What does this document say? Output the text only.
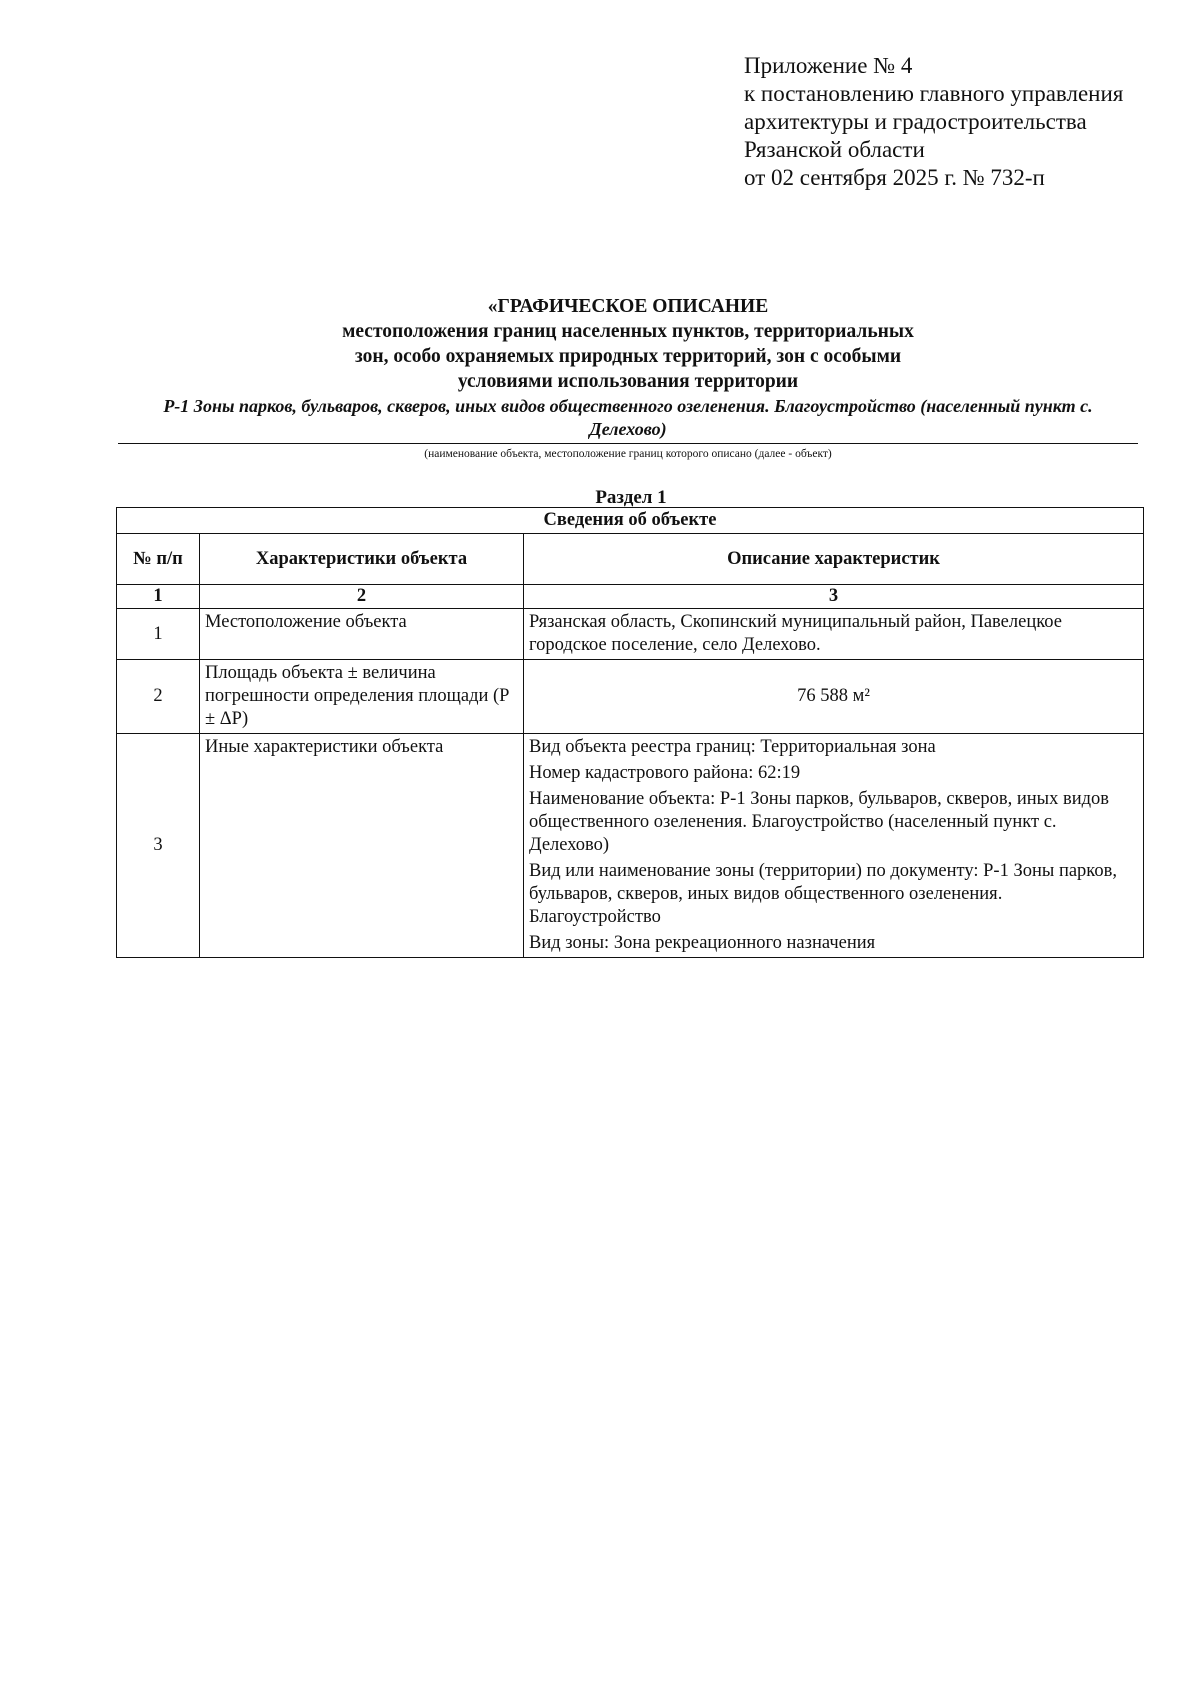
Приложение № 4
к постановлению главного управления
архитектуры и градостроительства
Рязанской области
от 02 сентября 2025 г. № 732-п
«ГРАФИЧЕСКОЕ ОПИСАНИЕ
местоположения границ населенных пунктов, территориальных
зон, особо охраняемых природных территорий, зон с особыми
условиями использования территории
Р-1 Зоны парков, бульваров, скверов, иных видов общественного озеленения. Благоустройство (населенный пункт с. Делехово)
(наименование объекта, местоположение границ которого описано (далее - объект)
Раздел 1
Сведения об объекте		
№ п/п	Характеристики объекта	Описание характеристик
1	2	3
1	Местоположение объекта	Рязанская область, Скопинский муниципальный район, Павелецкое городское поселение, село Делехово.

2	Площадь объекта ± величина погрешности определения площади (Р ± ΔР)	76 588 м²

3	Иные характеристики объекта	Вид объекта реестра границ: Территориальная зона
Номер кадастрового района: 62:19
Наименование объекта: Р-1 Зоны парков, бульваров, скверов, иных видов общественного озеленения. Благоустройство (населенный пункт с. Делехово)
Вид или наименование зоны (территории) по документу: Р-1 Зоны парков, бульваров, скверов, иных видов общественного озеленения. Благоустройство
Вид зоны: Зона рекреационного назначения
